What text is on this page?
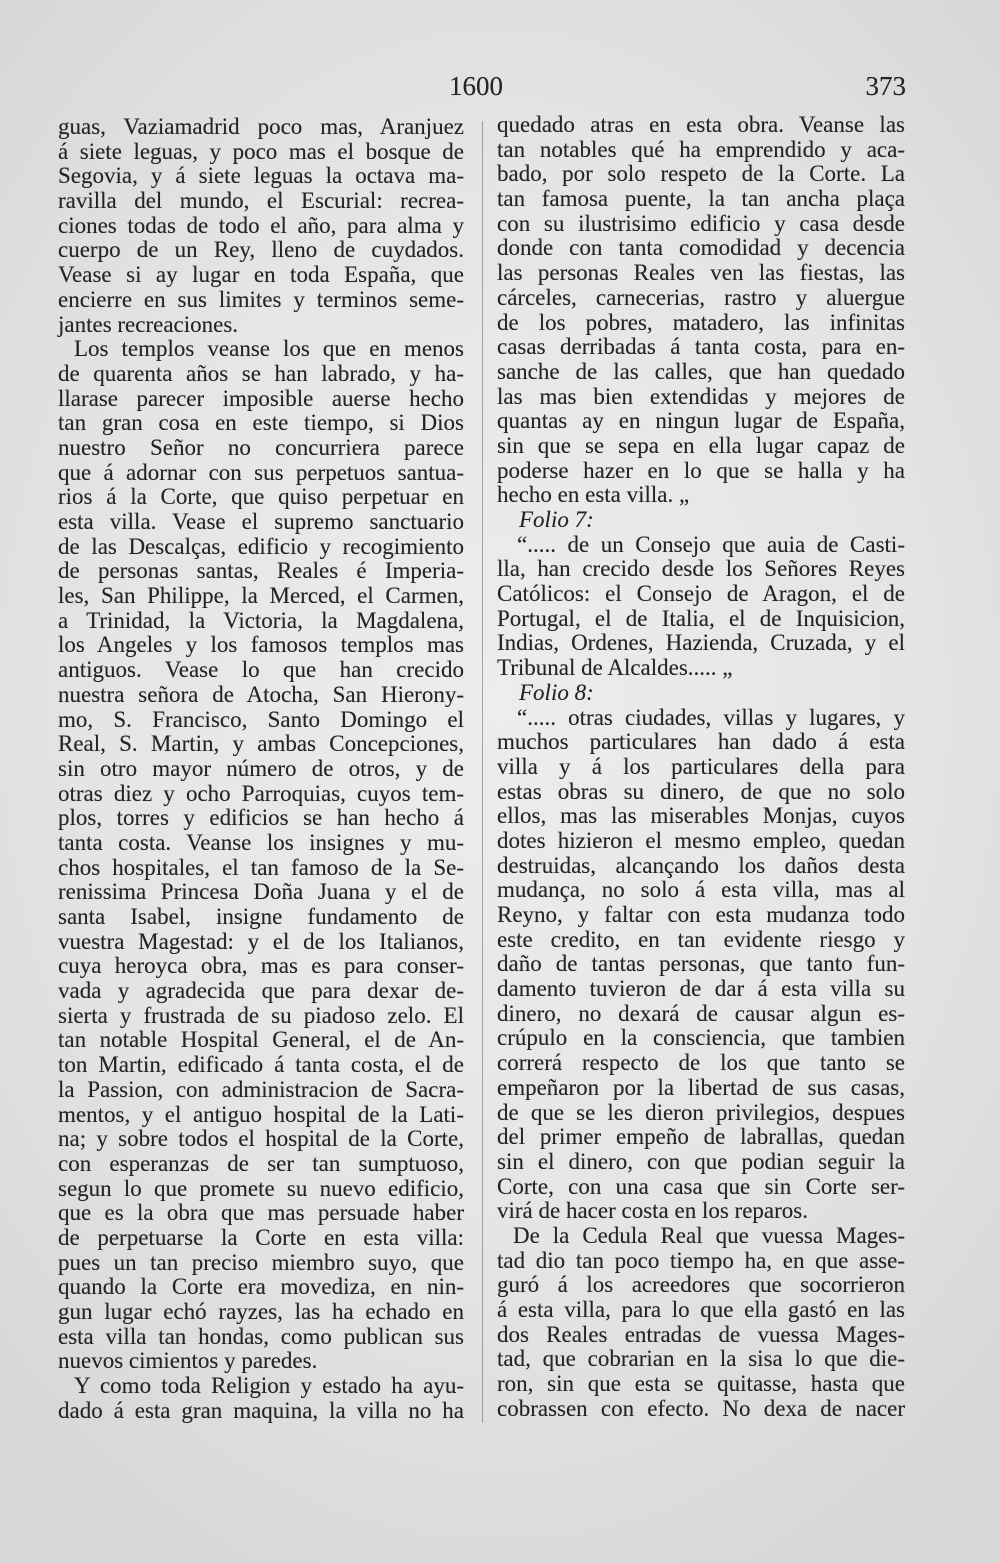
1600	373
guas, Vaziamadrid poco mas, Aranjuez
á siete leguas, y poco mas el bosque de
Segovia, y á siete leguas la octava ma-
ravilla del mundo, el Escurial: recrea-
ciones todas de todo el año, para alma y
cuerpo de un Rey, lleno de cuydados.
Vease si ay lugar en toda España, que
encierre en sus limites y terminos seme-
jantes recreaciones.
Los templos veanse los que en menos
de quarenta años se han labrado, y ha-
llarase parecer imposible auerse hecho
tan gran cosa en este tiempo, si Dios
nuestro Señor no concurriera parece
que á adornar con sus perpetuos santua-
rios á la Corte, que quiso perpetuar en
esta villa. Vease el supremo sanctuario
de las Descalças, edificio y recogimiento
de personas santas, Reales é Imperia-
les, San Philippe, la Merced, el Carmen,
a Trinidad, la Victoria, la Magdalena,
los Angeles y los famosos templos mas
antiguos. Vease lo que han crecido
nuestra señora de Atocha, San Hierony-
mo, S. Francisco, Santo Domingo el
Real, S. Martin, y ambas Concepciones,
sin otro mayor número de otros, y de
otras diez y ocho Parroquias, cuyos tem-
plos, torres y edificios se han hecho á
tanta costa. Veanse los insignes y mu-
chos hospitales, el tan famoso de la Se-
renissima Princesa Doña Juana y el de
santa Isabel, insigne fundamento de
vuestra Magestad: y el de los Italianos,
cuya heroyca obra, mas es para conser-
vada y agradecida que para dexar de-
sierta y frustrada de su piadoso zelo. El
tan notable Hospital General, el de An-
ton Martin, edificado á tanta costa, el de
la Passion, con administracion de Sacra-
mentos, y el antiguo hospital de la Lati-
na; y sobre todos el hospital de la Corte,
con esperanzas de ser tan sumptuoso,
segun lo que promete su nuevo edificio,
que es la obra que mas persuade haber
de perpetuarse la Corte en esta villa:
pues un tan preciso miembro suyo, que
quando la Corte era movediza, en nin-
gun lugar echó rayzes, las ha echado en
esta villa tan hondas, como publican sus
nuevos cimientos y paredes.
Y como toda Religion y estado ha ayu-
dado á esta gran maquina, la villa no ha
quedado atras en esta obra. Veanse las
tan notables qué ha emprendido y aca-
bado, por solo respeto de la Corte. La
tan famosa puente, la tan ancha plaça
con su ilustrisimo edificio y casa desde
donde con tanta comodidad y decencia
las personas Reales ven las fiestas, las
cárceles, carnecerias, rastro y aluergue
de los pobres, matadero, las infinitas
casas derribadas á tanta costa, para en-
sanche de las calles, que han quedado
las mas bien extendidas y mejores de
quantas ay en ningun lugar de España,
sin que se sepa en ella lugar capaz de
poderse hazer en lo que se halla y ha
hecho en esta villa. „
Folio 7:
“..... de un Consejo que auia de Casti-
lla, han crecido desde los Señores Reyes
Católicos: el Consejo de Aragon, el de
Portugal, el de Italia, el de Inquisicion,
Indias, Ordenes, Hazienda, Cruzada, y el
Tribunal de Alcaldes..... „
Folio 8:
“..... otras ciudades, villas y lugares, y
muchos particulares han dado á esta
villa y á los particulares della para
estas obras su dinero, de que no solo
ellos, mas las miserables Monjas, cuyos
dotes hizieron el mesmo empleo, quedan
destruidas, alcançando los daños desta
mudança, no solo á esta villa, mas al
Reyno, y faltar con esta mudanza todo
este credito, en tan evidente riesgo y
daño de tantas personas, que tanto fun-
damento tuvieron de dar á esta villa su
dinero, no dexará de causar algun es-
crúpulo en la consciencia, que tambien
correrá respecto de los que tanto se
empeñaron por la libertad de sus casas,
de que se les dieron privilegios, despues
del primer empeño de labrallas, quedan
sin el dinero, con que podian seguir la
Corte, con una casa que sin Corte ser-
virá de hacer costa en los reparos.
De la Cedula Real que vuessa Mages-
tad dio tan poco tiempo ha, en que asse-
guró á los acreedores que socorrieron
á esta villa, para lo que ella gastó en las
dos Reales entradas de vuessa Mages-
tad, que cobrarian en la sisa lo que die-
ron, sin que esta se quitasse, hasta que
cobrassen con efecto. No dexa de nacer
